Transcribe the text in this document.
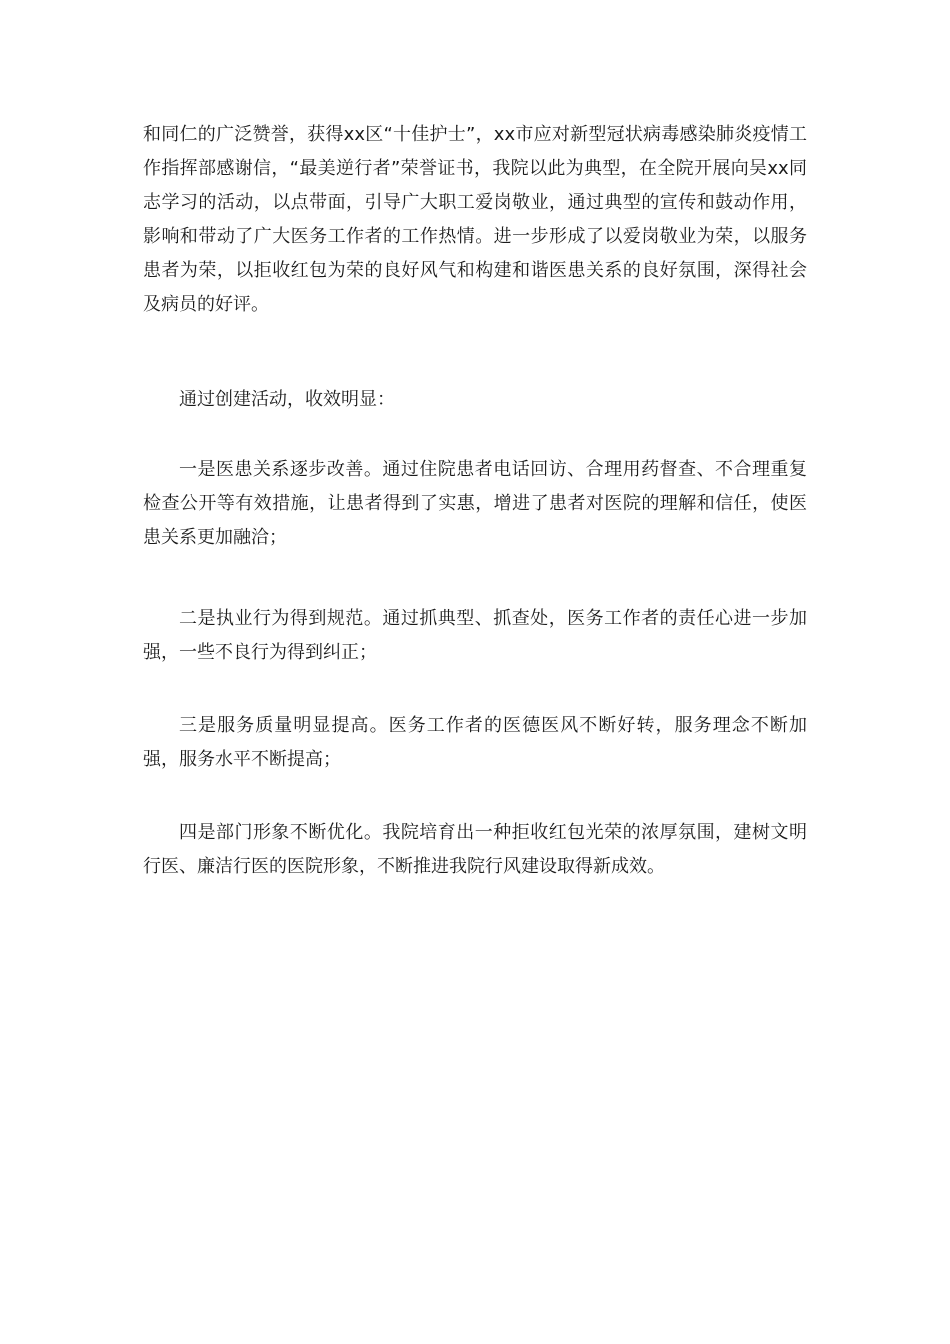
和同仁的广泛赞誉，获得xx区“十佳护士”，xx市应对新型冠状病毒感染肺炎疫情工作指挥部感谢信，“最美逆行者”荣誉证书，我院以此为典型，在全院开展向吴xx同志学习的活动，以点带面，引导广大职工爱岗敬业，通过典型的宣传和鼓动作用，影响和带动了广大医务工作者的工作热情。进一步形成了以爱岗敬业为荣，以服务患者为荣，以拒收红包为荣的良好风气和构建和谐医患关系的良好氛围，深得社会及病员的好评。

通过创建活动，收效明显：

一是医患关系逐步改善。通过住院患者电话回访、合理用药督查、不合理重复检查公开等有效措施，让患者得到了实惠，增进了患者对医院的理解和信任，使医患关系更加融洽；

二是执业行为得到规范。通过抓典型、抓查处，医务工作者的责任心进一步加强，一些不良行为得到纠正；

三是服务质量明显提高。医务工作者的医德医风不断好转，服务理念不断加强，服务水平不断提高；

四是部门形象不断优化。我院培育出一种拒收红包光荣的浓厚氛围，建树文明行医、廉洁行医的医院形象，不断推进我院行风建设取得新成效。
